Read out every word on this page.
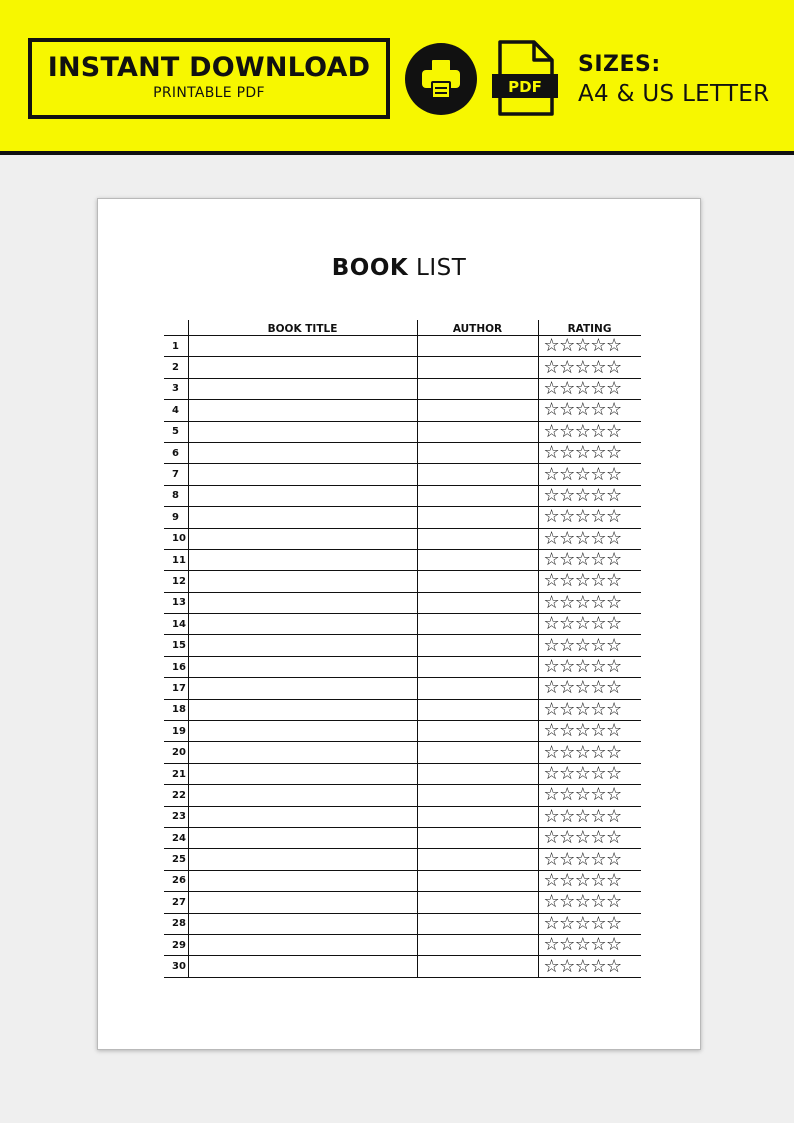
INSTANT DOWNLOAD
PRINTABLE PDF	PDF
SIZES:
A4 & US LETTER
BOOK LIST
	BOOK TITLE	AUTHOR	RATING
1			☆☆☆☆☆

2			☆☆☆☆☆

3			☆☆☆☆☆

4			☆☆☆☆☆

5			☆☆☆☆☆

6			☆☆☆☆☆

7			☆☆☆☆☆

8			☆☆☆☆☆

9			☆☆☆☆☆

10			☆☆☆☆☆

11			☆☆☆☆☆

12			☆☆☆☆☆

13			☆☆☆☆☆

14			☆☆☆☆☆

15			☆☆☆☆☆

16			☆☆☆☆☆

17			☆☆☆☆☆

18			☆☆☆☆☆

19			☆☆☆☆☆

20			☆☆☆☆☆

21			☆☆☆☆☆

22			☆☆☆☆☆

23			☆☆☆☆☆

24			☆☆☆☆☆

25			☆☆☆☆☆

26			☆☆☆☆☆

27			☆☆☆☆☆

28			☆☆☆☆☆

29			☆☆☆☆☆

30			☆☆☆☆☆
